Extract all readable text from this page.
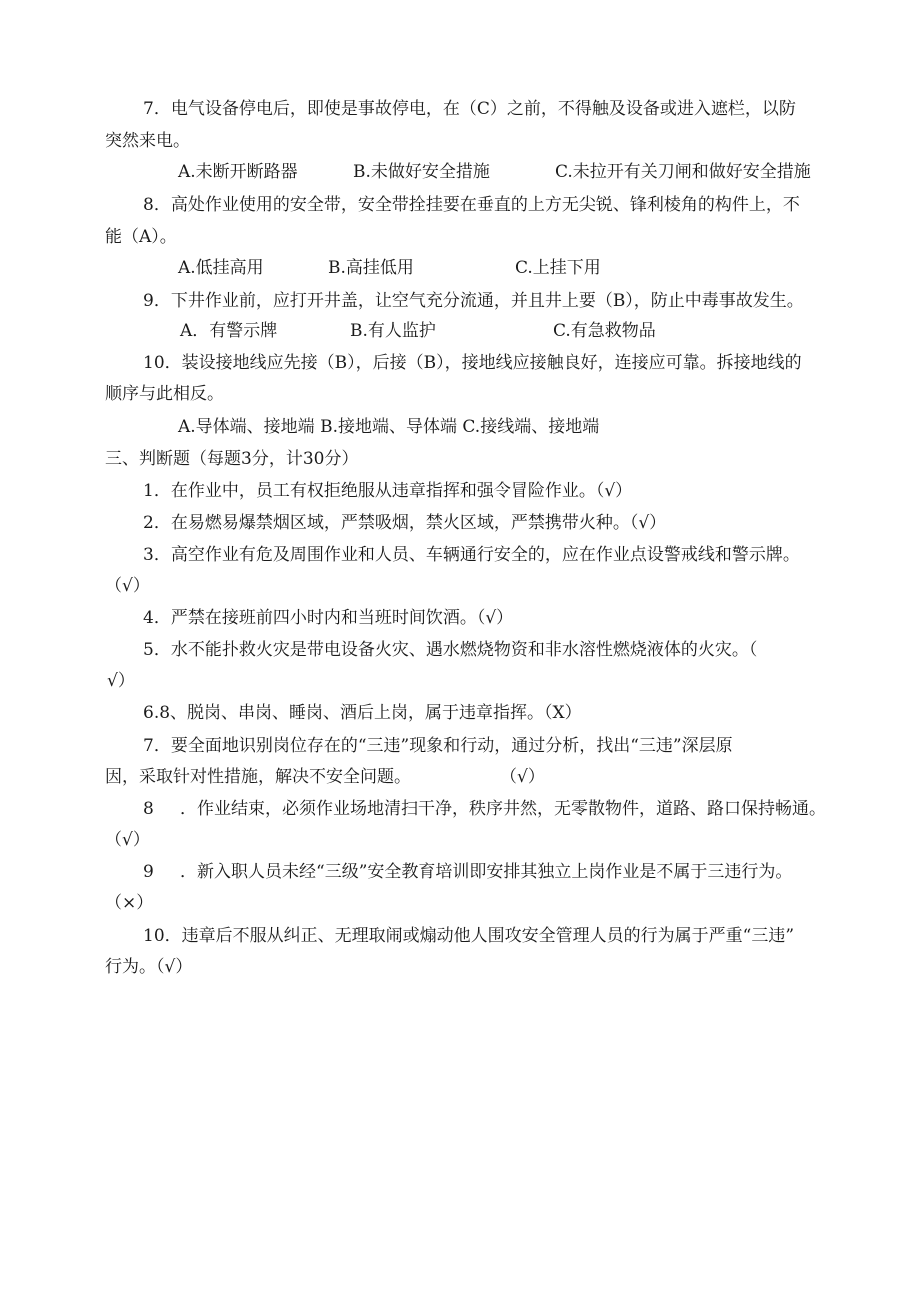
7．电气设备停电后，即使是事故停电，在（C）之前，不得触及设备或进入遮栏，以防
突然来电。
A.未断开断路器	B.未做好安全措施	C.未拉开有关刀闸和做好安全措施
8．高处作业使用的安全带，安全带拴挂要在垂直的上方无尖锐、锋利棱角的构件上，不
能（A）。
A.低挂高用	B.高挂低用	C.上挂下用
9．下井作业前，应打开井盖，让空气充分流通，并且井上要（B），防止中毒事故发生。
A．有警示牌	B.有人监护	C.有急救物品
10．装设接地线应先接（B），后接（B），接地线应接触良好，连接应可靠。拆接地线的
顺序与此相反。
A.导体端、接地端 B.接地端、导体端 C.接线端、接地端
三、判断题（每题3分，计30分）
1．在作业中，员工有权拒绝服从违章指挥和强令冒险作业。（√）
2．在易燃易爆禁烟区域，严禁吸烟，禁火区域，严禁携带火种。（√）
3．高空作业有危及周围作业和人员、车辆通行安全的，应在作业点设警戒线和警示牌。
（√）
4．严禁在接班前四小时内和当班时间饮酒。（√）
5．水不能扑救火灾是带电设备火灾、遇水燃烧物资和非水溶性燃烧液体的火灾。（
√）
6.8、脱岗、串岗、睡岗、酒后上岗，属于违章指挥。（X）
7．要全面地识别岗位存在的“三违”现象和行动，通过分析，找出“三违”深层原
因，采取针对性措施，解决不安全问题。	（√）
8 ．作业结束，必须作业场地清扫干净，秩序井然，无零散物件，道路、路口保持畅通。
（√）
9 ．新入职人员未经“三级”安全教育培训即安排其独立上岗作业是不属于三违行为。
（×）
10．违章后不服从纠正、无理取闹或煽动他人围攻安全管理人员的行为属于严重“三违”
行为。（√）
